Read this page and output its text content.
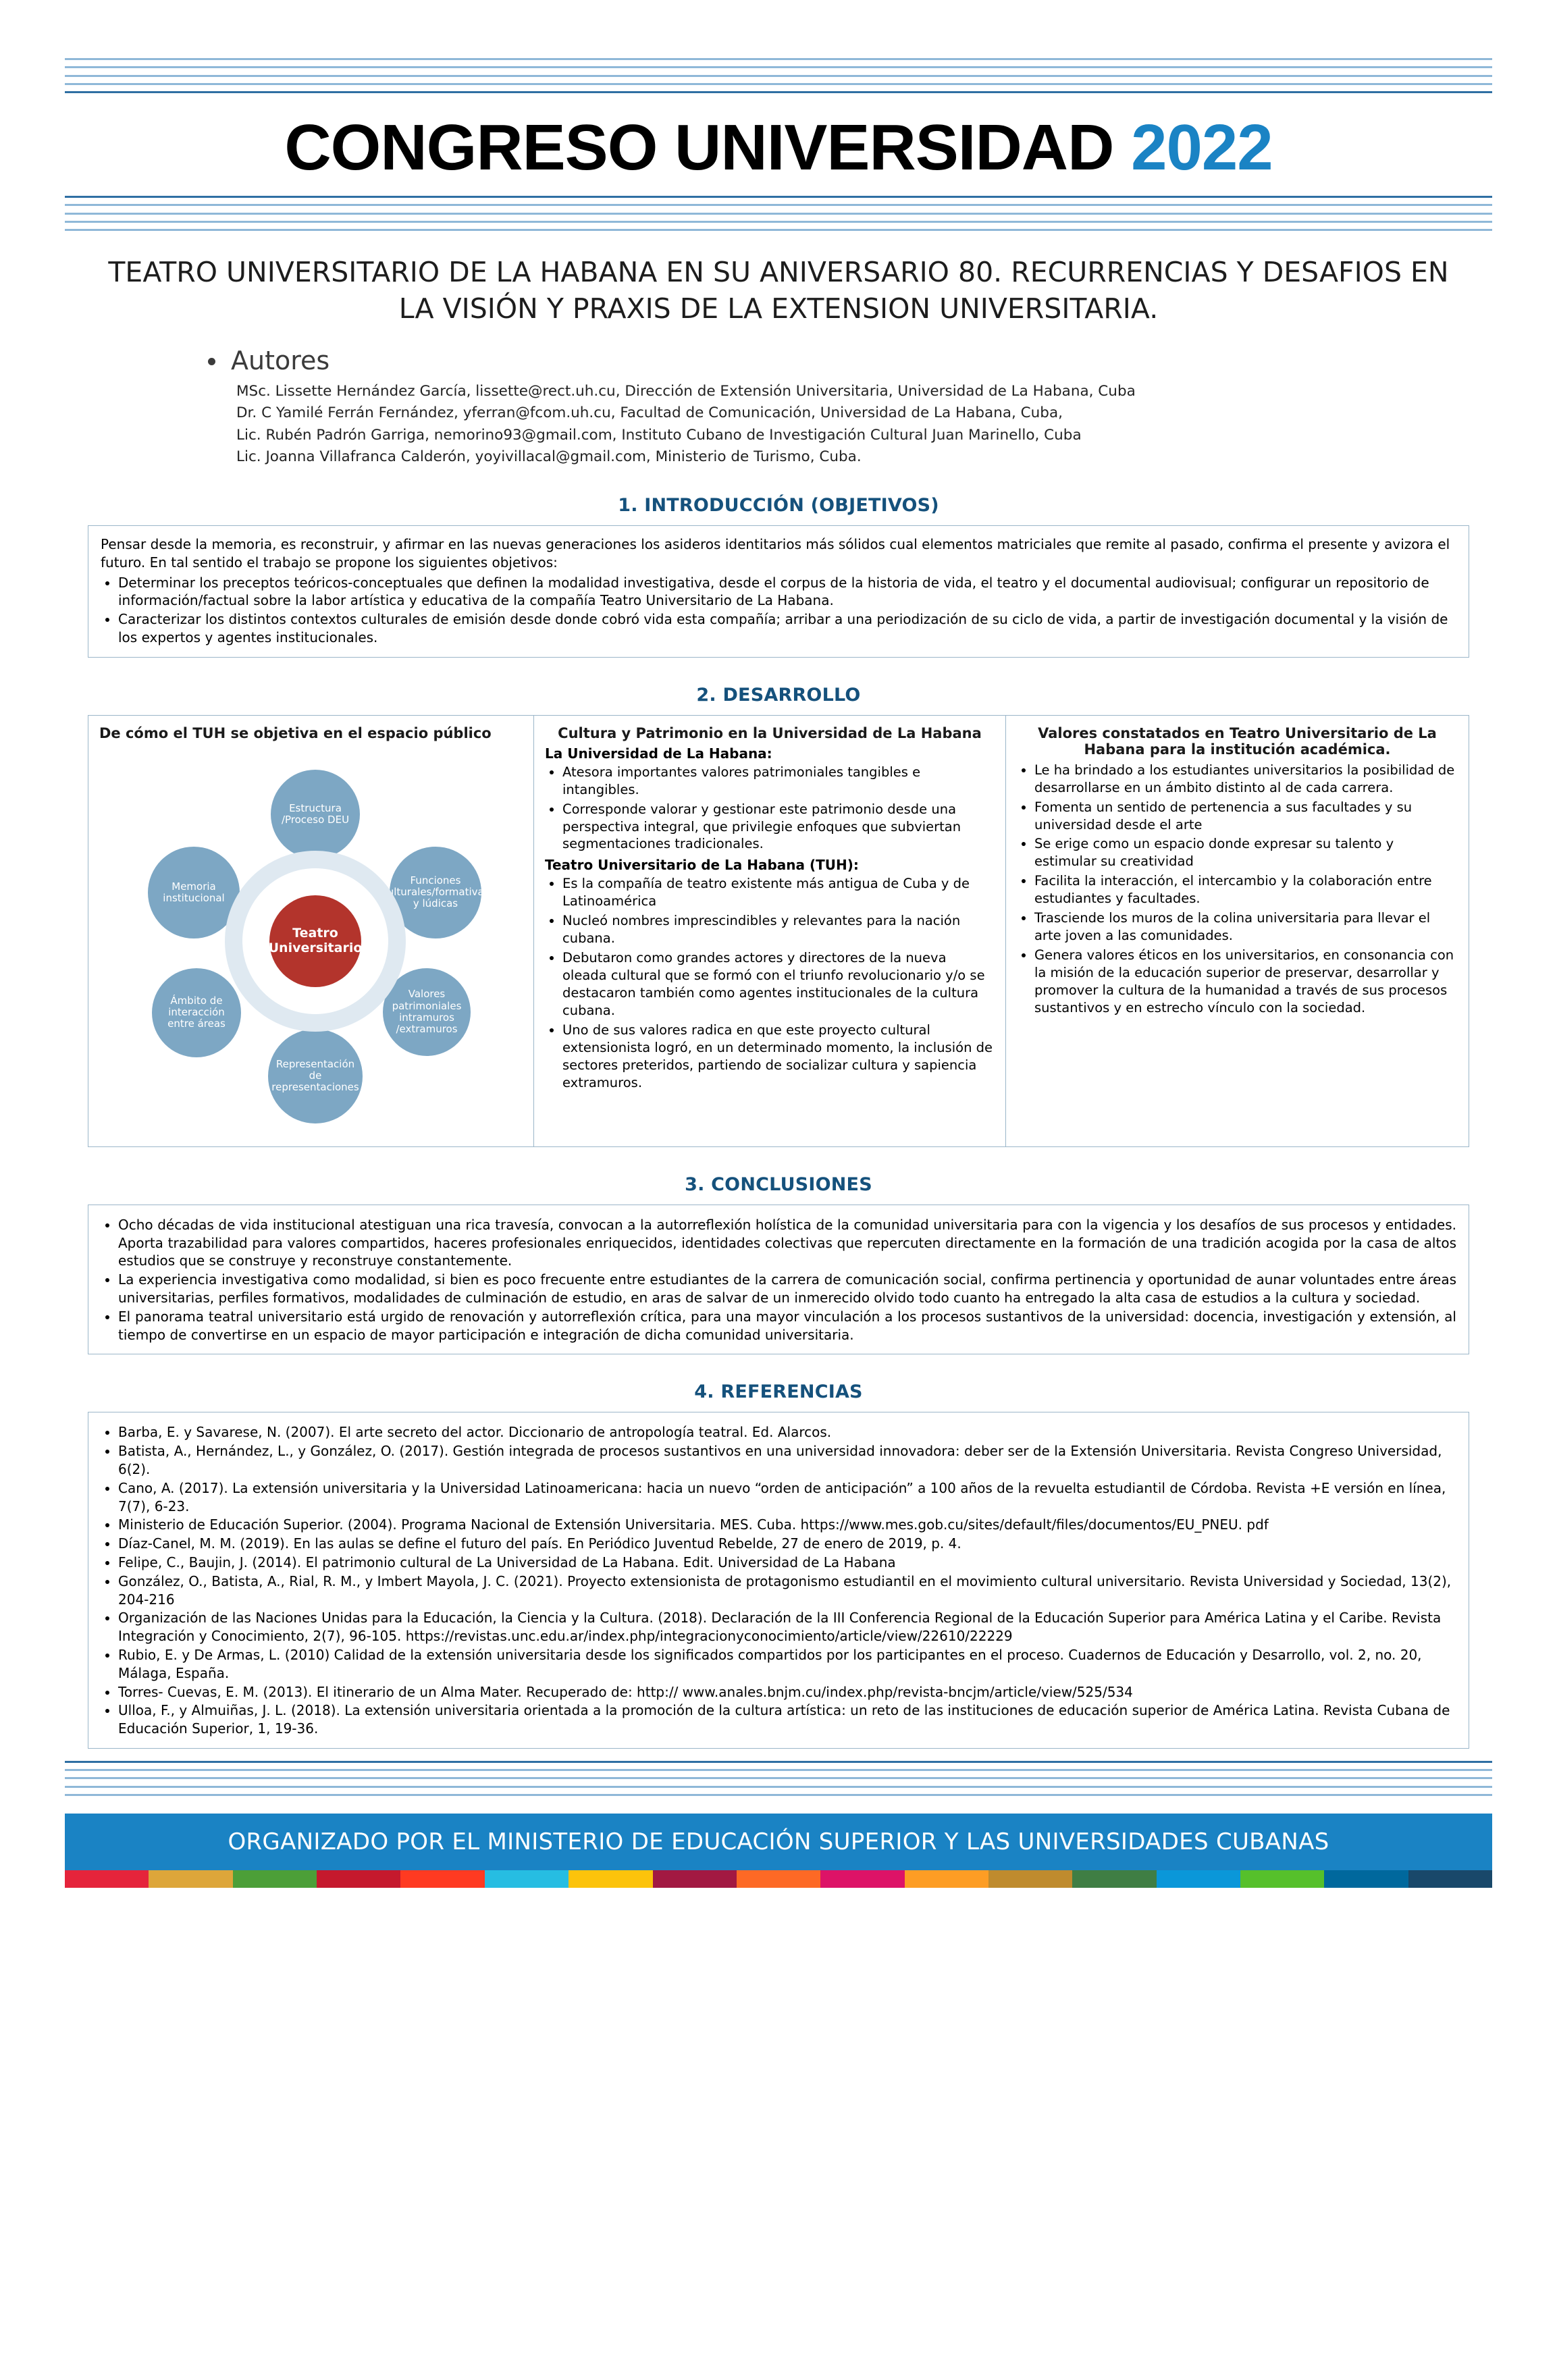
CONGRESO UNIVERSIDAD 2022
TEATRO UNIVERSITARIO DE LA HABANA EN SU ANIVERSARIO 80. RECURRENCIAS Y DESAFIOS EN LA VISIÓN Y PRAXIS DE LA EXTENSION UNIVERSITARIA.
Autores
MSc. Lissette Hernández García, lissette@rect.uh.cu, Dirección de Extensión Universitaria, Universidad de La Habana, Cuba
Dr. C Yamilé Ferrán Fernández, yferran@fcom.uh.cu, Facultad de Comunicación, Universidad de La Habana, Cuba,
Lic. Rubén Padrón Garriga, nemorino93@gmail.com, Instituto Cubano de Investigación Cultural Juan Marinello, Cuba
Lic. Joanna Villafranca Calderón, yoyivillacal@gmail.com, Ministerio de Turismo, Cuba.
1. INTRODUCCIÓN (OBJETIVOS)
Pensar desde la memoria, es reconstruir, y afirmar en las nuevas generaciones los asideros identitarios más sólidos cual elementos matriciales que remite al pasado, confirma el presente y avizora el futuro. En tal sentido el trabajo se propone los siguientes objetivos:
• Determinar los preceptos teóricos-conceptuales que definen la modalidad investigativa, desde el corpus de la historia de vida, el teatro y el documental audiovisual; configurar un repositorio de información/factual sobre la labor artística y educativa de la compañía Teatro Universitario de La Habana.
• Caracterizar los distintos contextos culturales de emisión desde donde cobró vida esta compañía; arribar a una periodización de su ciclo de vida, a partir de investigación documental y la visión de los expertos y agentes institucionales.
2. DESARROLLO
De cómo el TUH se objetiva en el espacio público
Estructura /Proceso DEU
Funciones culturales/formativas y lúdicas
Valores patrimoniales intramuros /extramuros
Representación de representaciones
Ámbito de interacción entre áreas
Memoria institucional
Teatro Universitario
Cultura y Patrimonio en la Universidad de La Habana
La Universidad de La Habana:
• Atesora importantes valores patrimoniales tangibles e intangibles.
• Corresponde valorar y gestionar este patrimonio desde una perspectiva integral, que privilegie enfoques que subviertan segmentaciones tradicionales.
Teatro Universitario de La Habana (TUH):
• Es la compañía de teatro existente más antigua de Cuba y de Latinoamérica
• Nucleó nombres imprescindibles y relevantes para la nación cubana.
• Debutaron como grandes actores y directores de la nueva oleada cultural que se formó con el triunfo revolucionario y/o se destacaron también como agentes institucionales de la cultura cubana.
• Uno de sus valores radica en que este proyecto cultural extensionista logró, en un determinado momento, la inclusión de sectores preteridos, partiendo de socializar cultura y sapiencia extramuros.
Valores constatados en Teatro Universitario de La Habana para la institución académica.
• Le ha brindado a los estudiantes universitarios la posibilidad de desarrollarse en un ámbito distinto al de cada carrera.
• Fomenta un sentido de pertenencia a sus facultades y su universidad desde el arte
• Se erige como un espacio donde expresar su talento y estimular su creatividad
• Facilita la interacción, el intercambio y la colaboración entre estudiantes y facultades.
• Trasciende los muros de la colina universitaria para llevar el arte joven a las comunidades.
• Genera valores éticos en los universitarios, en consonancia con la misión de la educación superior de preservar, desarrollar y promover la cultura de la humanidad a través de sus procesos sustantivos y en estrecho vínculo con la sociedad.
3. CONCLUSIONES
• Ocho décadas de vida institucional atestiguan una rica travesía, convocan a la autorreflexión holística de la comunidad universitaria para con la vigencia y los desafíos de sus procesos y entidades. Aporta trazabilidad para valores compartidos, haceres profesionales enriquecidos, identidades colectivas que repercuten directamente en la formación de una tradición acogida por la casa de altos estudios que se construye y reconstruye constantemente.
• La experiencia investigativa como modalidad, si bien es poco frecuente entre estudiantes de la carrera de comunicación social, confirma pertinencia y oportunidad de aunar voluntades entre áreas universitarias, perfiles formativos, modalidades de culminación de estudio, en aras de salvar de un inmerecido olvido todo cuanto ha entregado la alta casa de estudios a la cultura y sociedad.
• El panorama teatral universitario está urgido de renovación y autorreflexión crítica, para una mayor vinculación a los procesos sustantivos de la universidad: docencia, investigación y extensión, al tiempo de convertirse en un espacio de mayor participación e integración de dicha comunidad universitaria.
4. REFERENCIAS
• Barba, E. y Savarese, N. (2007). El arte secreto del actor. Diccionario de antropología teatral. Ed. Alarcos.
• Batista, A., Hernández, L., y González, O. (2017). Gestión integrada de procesos sustantivos en una universidad innovadora: deber ser de la Extensión Universitaria. Revista Congreso Universidad, 6(2).
• Cano, A. (2017). La extensión universitaria y la Universidad Latinoamericana: hacia un nuevo “orden de anticipación” a 100 años de la revuelta estudiantil de Córdoba. Revista +E versión en línea, 7(7), 6-23.
• Ministerio de Educación Superior. (2004). Programa Nacional de Extensión Universitaria. MES. Cuba. https://www.mes.gob.cu/sites/default/files/documentos/EU_PNEU. pdf
• Díaz-Canel, M. M. (2019). En las aulas se define el futuro del país. En Periódico Juventud Rebelde, 27 de enero de 2019, p. 4.
• Felipe, C., Baujin, J. (2014). El patrimonio cultural de La Universidad de La Habana. Edit. Universidad de La Habana
• González, O., Batista, A., Rial, R. M., y Imbert Mayola, J. C. (2021). Proyecto extensionista de protagonismo estudiantil en el movimiento cultural universitario. Revista Universidad y Sociedad, 13(2), 204-216
• Organización de las Naciones Unidas para la Educación, la Ciencia y la Cultura. (2018). Declaración de la III Conferencia Regional de la Educación Superior para América Latina y el Caribe. Revista Integración y Conocimiento, 2(7), 96-105. https://revistas.unc.edu.ar/index.php/integracionyconocimiento/article/view/22610/22229
• Rubio, E. y De Armas, L. (2010) Calidad de la extensión universitaria desde los significados compartidos por los participantes en el proceso. Cuadernos de Educación y Desarrollo, vol. 2, no. 20, Málaga, España.
• Torres- Cuevas, E. M. (2013). El itinerario de un Alma Mater. Recuperado de: http:// www.anales.bnjm.cu/index.php/revista-bncjm/article/view/525/534
• Ulloa, F., y Almuiñas, J. L. (2018). La extensión universitaria orientada a la promoción de la cultura artística: un reto de las instituciones de educación superior de América Latina. Revista Cubana de Educación Superior, 1, 19-36.
ORGANIZADO POR EL MINISTERIO DE EDUCACIÓN SUPERIOR Y LAS UNIVERSIDADES CUBANAS
